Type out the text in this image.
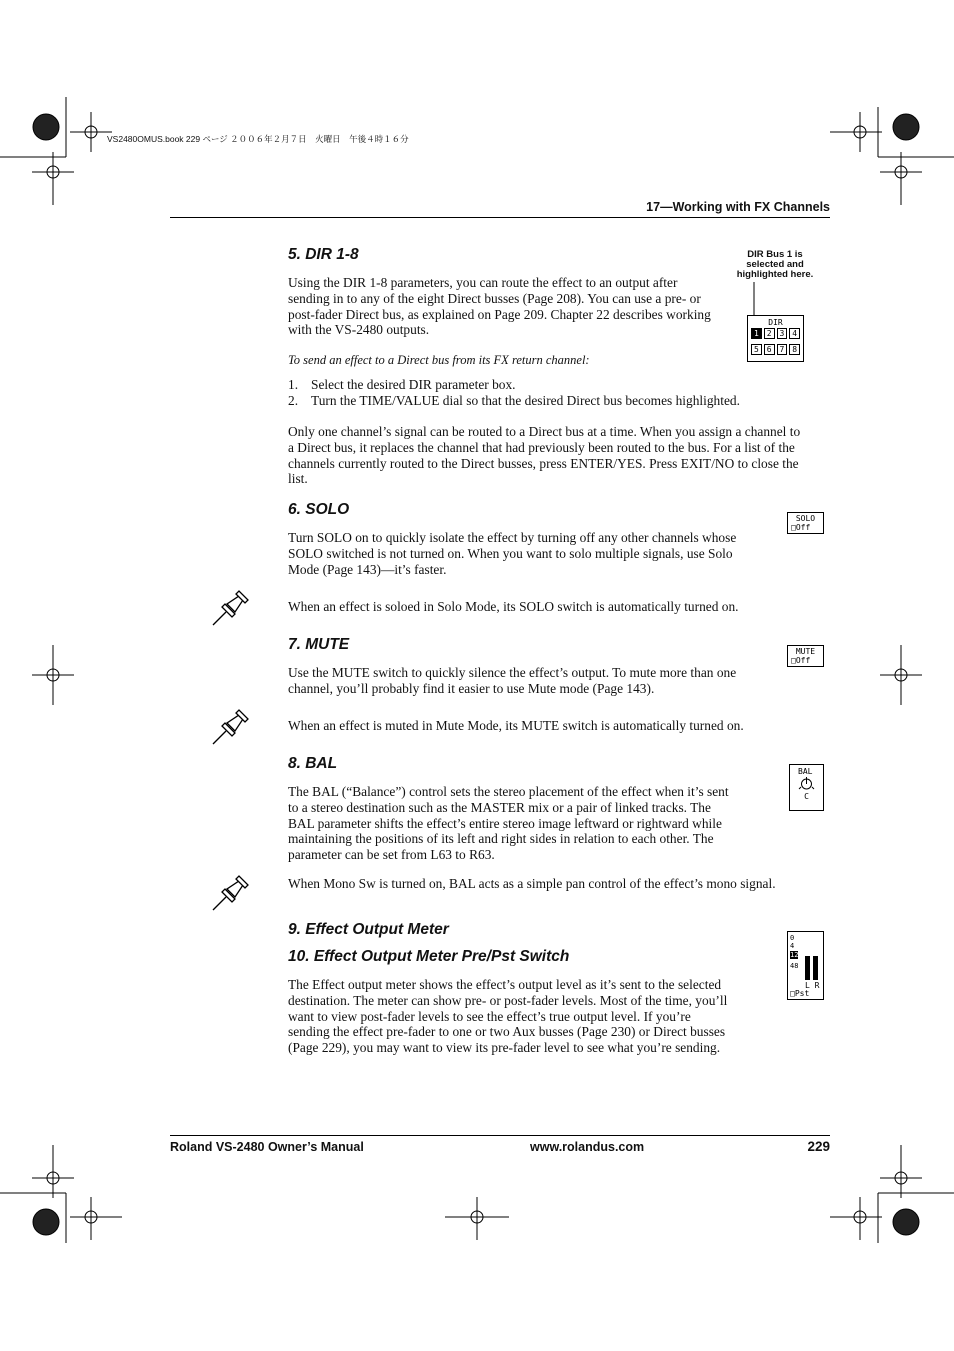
VS2480OMUS.book 229 ページ ２００６年２月７日　火曜日　午後４時１６分
17—Working with FX Channels
5. DIR 1-8
Using the DIR 1-8 parameters, you can route the effect to an output after sending in to any of the eight Direct busses (Page 208). You can use a pre- or post-fader Direct bus, as explained on Page 209. Chapter 22 describes working with the VS-2480 outputs.
To send an effect to a Direct bus from its FX return channel:
1. Select the desired DIR parameter box.
2. Turn the TIME/VALUE dial so that the desired Direct bus becomes highlighted.
Only one channel’s signal can be routed to a Direct bus at a time. When you assign a channel to a Direct bus, it replaces the channel that had previously been routed to the bus. For a list of the channels currently routed to the Direct busses, press ENTER/YES. Press EXIT/NO to close the list.
DIR Bus 1 is selected and highlighted here.
DIR
1 2 3 4
5 6 7 8
6. SOLO
Turn SOLO on to quickly isolate the effect by turning off any other channels whose SOLO switched is not turned on. When you want to solo multiple signals, use Solo Mode (Page 143)—it’s faster.
SOLO
□Off
When an effect is soloed in Solo Mode, its SOLO switch is automatically turned on.
7. MUTE
Use the MUTE switch to quickly silence the effect’s output. To mute more than one channel, you’ll probably find it easier to use Mute mode (Page 143).
MUTE
□Off
When an effect is muted in Mute Mode, its MUTE switch is automatically turned on.
8. BAL
The BAL (“Balance”) control sets the stereo placement of the effect when it’s sent to a stereo destination such as the MASTER mix or a pair of linked tracks. The BAL parameter shifts the effect’s entire stereo image leftward or rightward while maintaining the positions of its left and right sides in relation to each other. The parameter can be set from L63 to R63.
BAL
C
When Mono Sw is turned on, BAL acts as a simple pan control of the effect’s mono signal.
9. Effect Output Meter
10. Effect Output Meter Pre/Pst Switch
The Effect output meter shows the effect’s output level as it’s sent to the selected destination. The meter can show pre- or post-fader levels. Most of the time, you’ll want to view post-fader levels to see the effect’s true output level. If you’re sending the effect pre-fader to one or two Aux busses (Page 230) or Direct busses (Page 229), you may want to view its pre-fader level to see what you’re sending.
0
4
12
48
L R
□Pst
Roland VS-2480 Owner’s Manual	www.rolandus.com	229
